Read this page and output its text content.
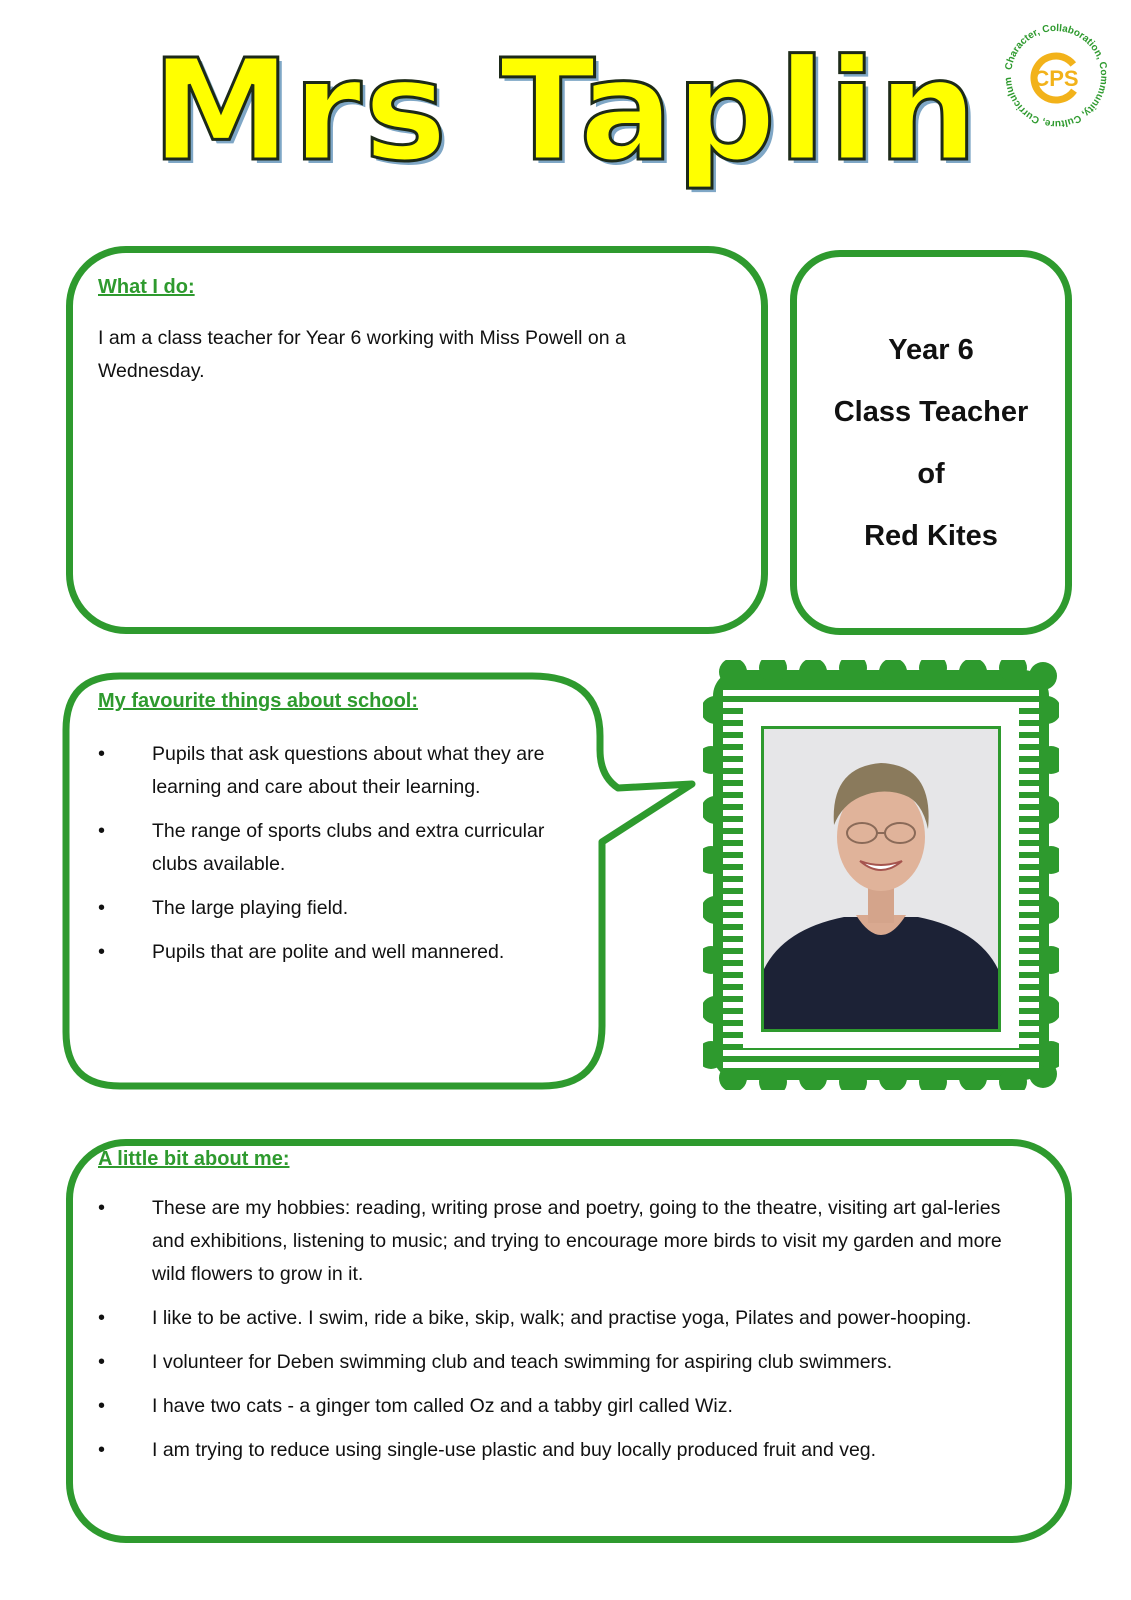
Mrs Taplin	Character, Collaboration, Community, Culture, Curriculum CPS

What I do:

I am a class teacher for Year 6 working with Miss Powell on a Wednesday.

Year 6
Class Teacher
of
Red Kites

My favourite things about school:

• Pupils that ask questions about what they are learning and care about their learning.
• The range of sports clubs and extra curricular clubs available.
• The large playing field.
• Pupils that are polite and well mannered.

A little bit about me:

• These are my hobbies: reading, writing prose and poetry, going to the theatre, visiting art gal-leries and exhibitions, listening to music; and trying to encourage more birds to visit my garden and more wild flowers to grow in it.
• I like to be active. I swim, ride a bike, skip, walk; and practise yoga, Pilates and power-hooping.
• I volunteer for Deben swimming club and teach swimming for aspiring club swimmers.
• I have two cats - a ginger tom called Oz and a tabby girl called Wiz.
• I am trying to reduce using single-use plastic and buy locally produced fruit and veg.
